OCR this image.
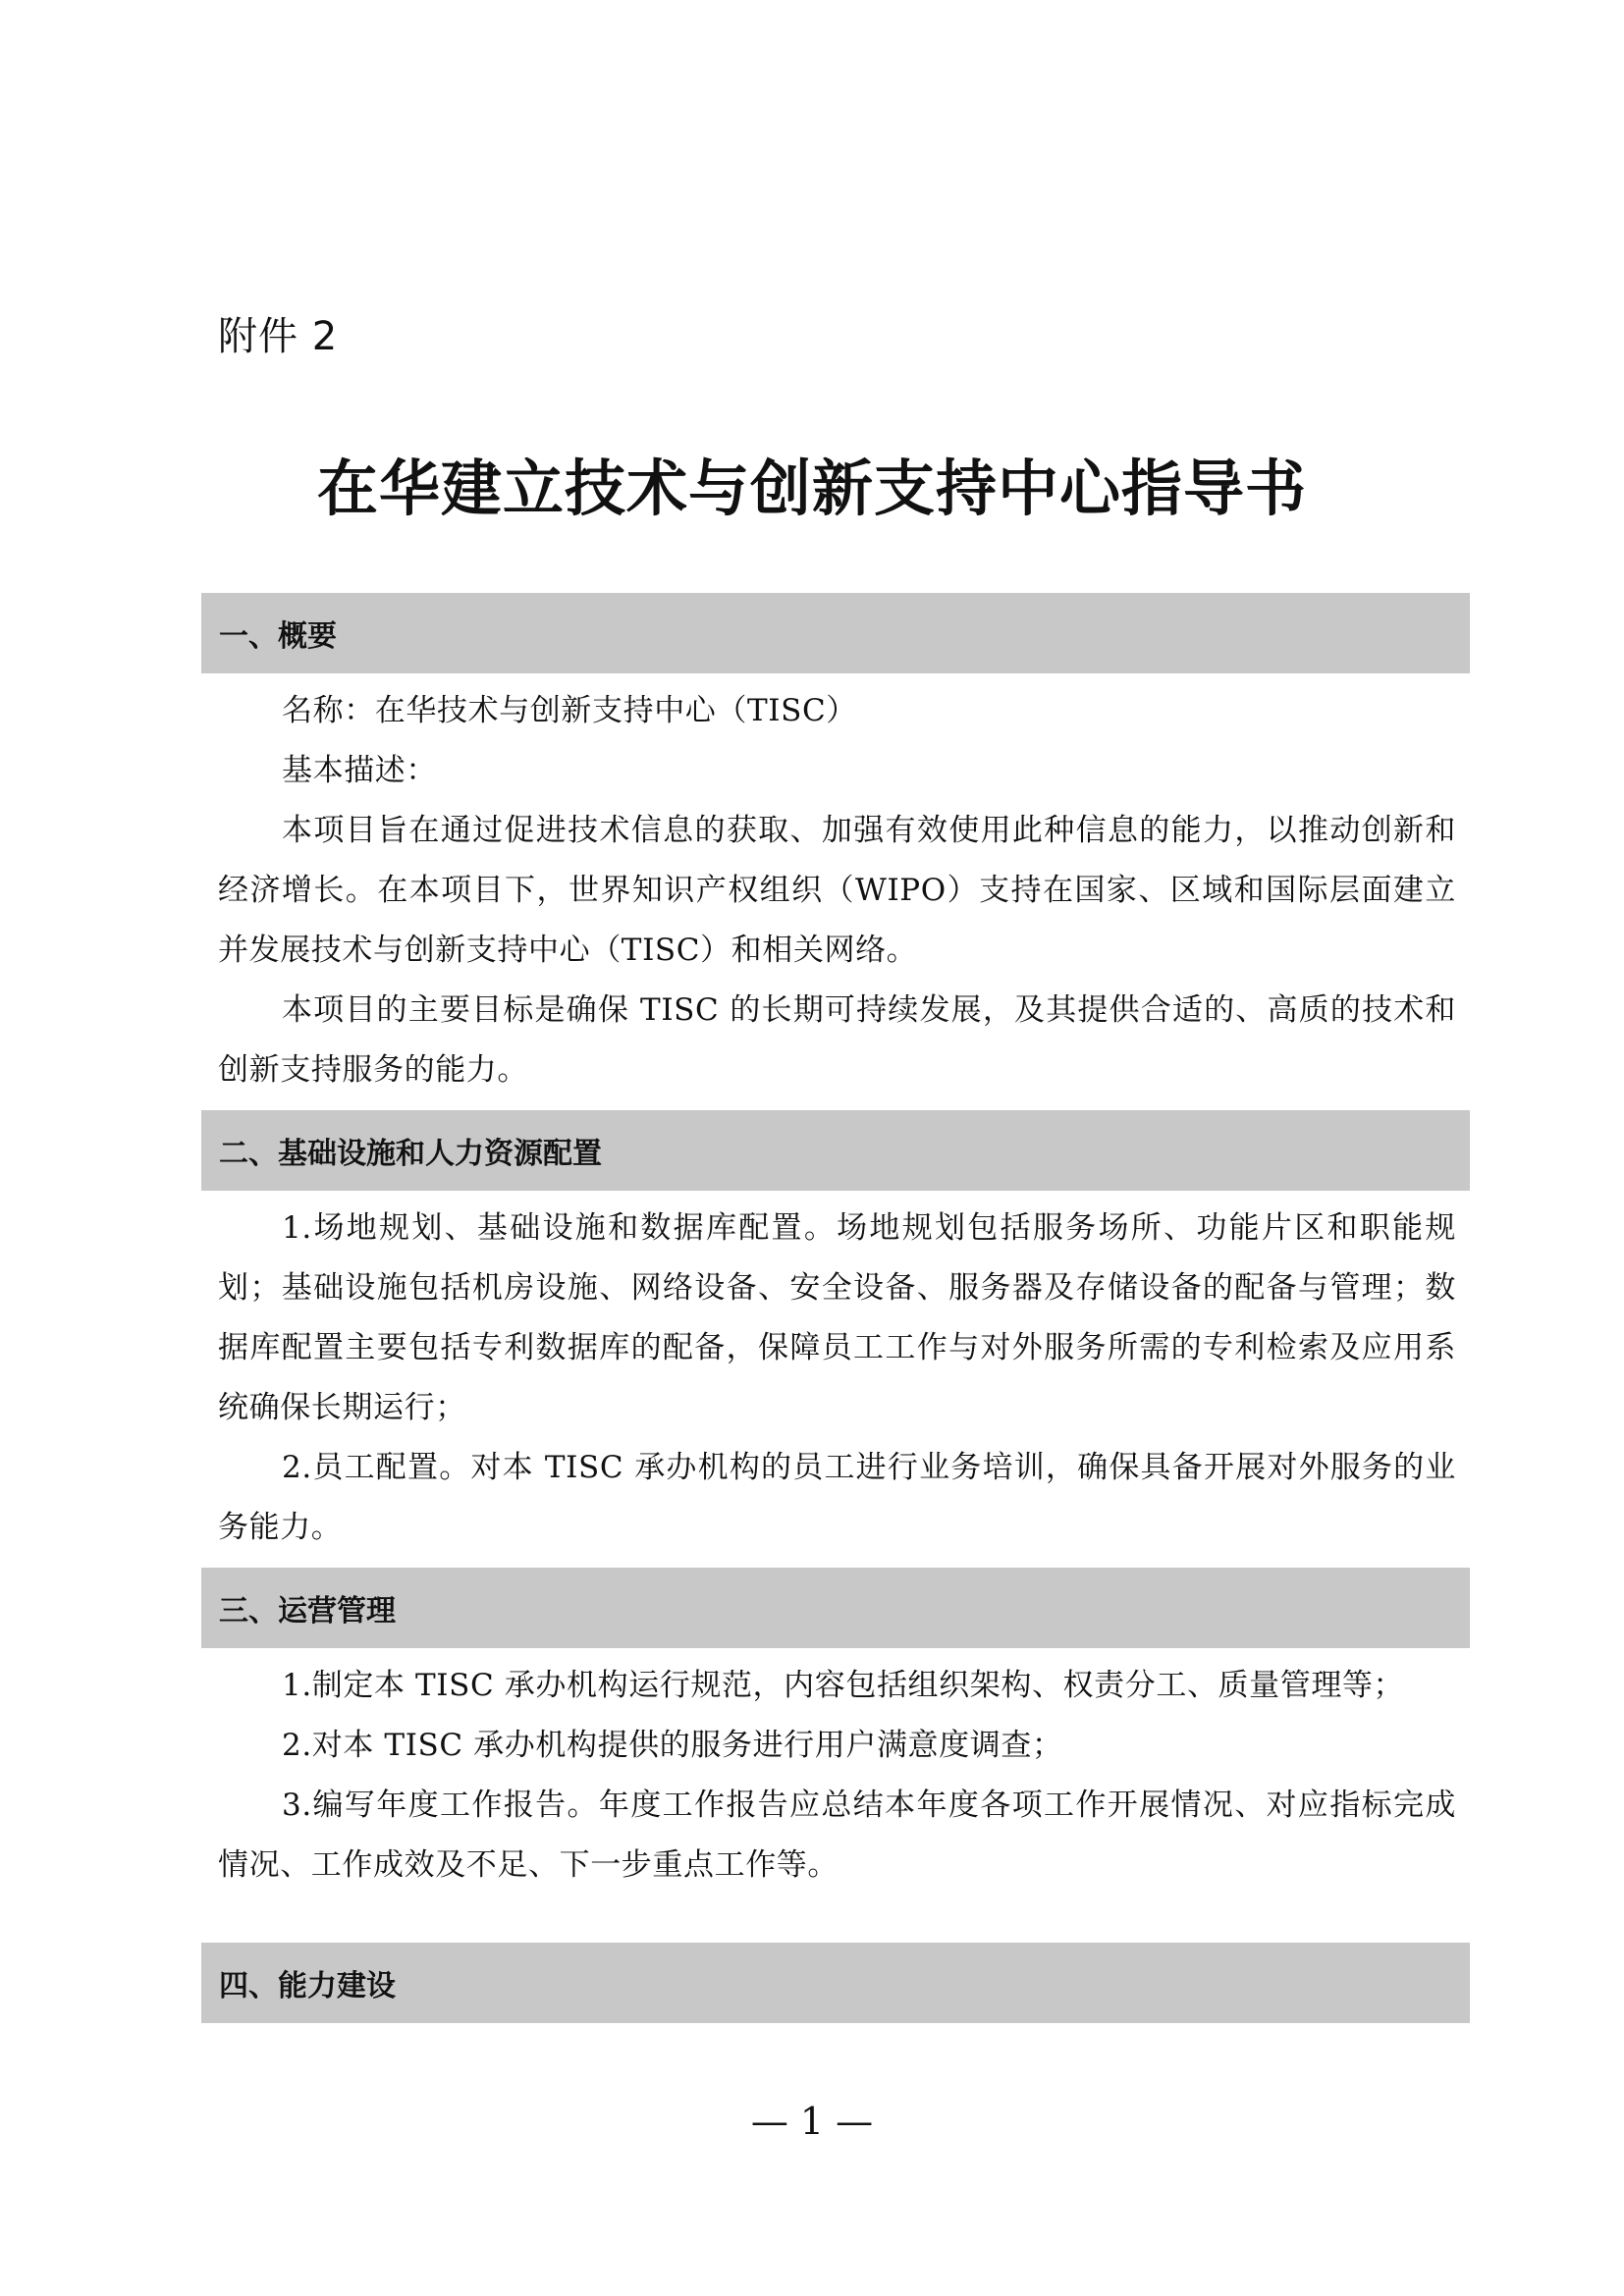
附件 2
在华建立技术与创新支持中心指导书
一、概要

名称：在华技术与创新支持中心（TISC）

基本描述：

本项目旨在通过促进技术信息的获取、加强有效使用此种信息的能力，以推动创新和经济增长。在本项目下，世界知识产权组织（WIPO）支持在国家、区域和国际层面建立并发展技术与创新支持中心（TISC）和相关网络。

本项目的主要目标是确保 TISC 的长期可持续发展，及其提供合适的、高质的技术和创新支持服务的能力。

二、基础设施和人力资源配置

1.场地规划、基础设施和数据库配置。场地规划包括服务场所、功能片区和职能规划；基础设施包括机房设施、网络设备、安全设备、服务器及存储设备的配备与管理；数据库配置主要包括专利数据库的配备，保障员工工作与对外服务所需的专利检索及应用系统确保长期运行；

2.员工配置。对本 TISC 承办机构的员工进行业务培训，确保具备开展对外服务的业务能力。

三、运营管理

1.制定本 TISC 承办机构运行规范，内容包括组织架构、权责分工、质量管理等；

2.对本 TISC 承办机构提供的服务进行用户满意度调查；

3.编写年度工作报告。年度工作报告应总结本年度各项工作开展情况、对应指标完成情况、工作成效及不足、下一步重点工作等。

四、能力建设
— 1 —
